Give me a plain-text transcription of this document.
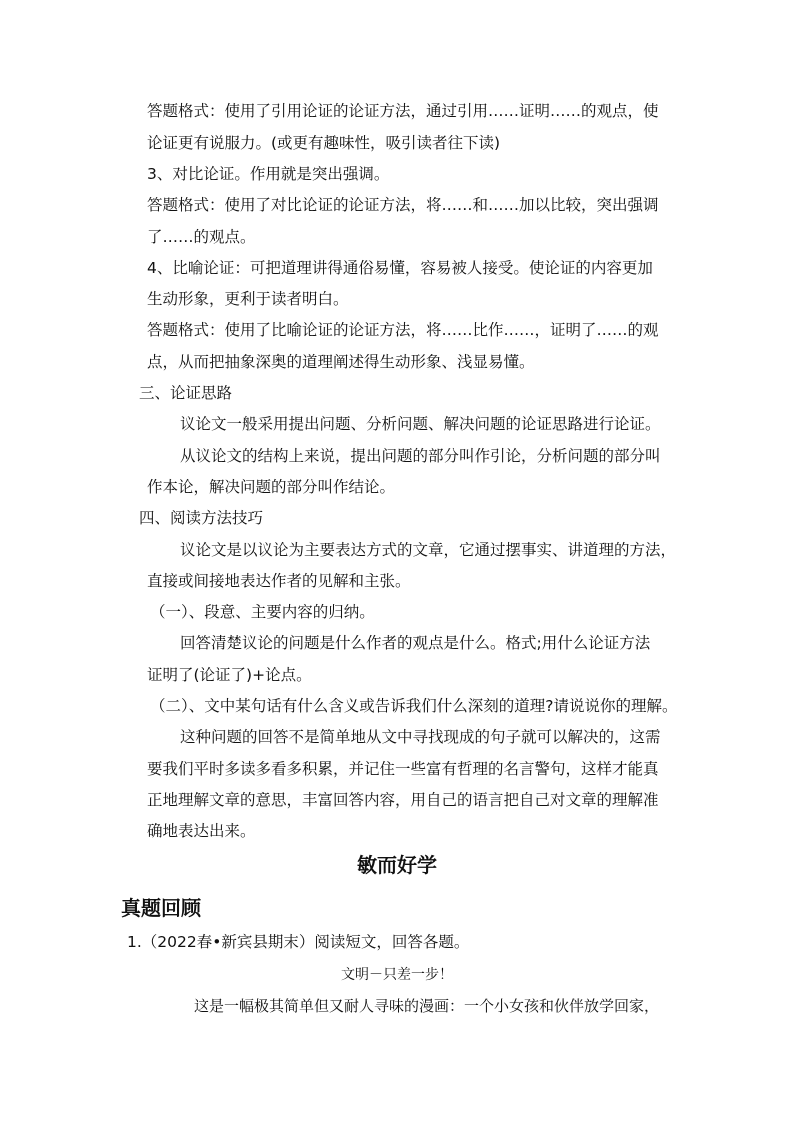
答题格式：使用了引用论证的论证方法，通过引用……证明……的观点，使
论证更有说服力。(或更有趣味性，吸引读者往下读)
3、对比论证。作用就是突出强调。
答题格式：使用了对比论证的论证方法，将……和……加以比较，突出强调
了……的观点。
4、比喻论证：可把道理讲得通俗易懂，容易被人接受。使论证的内容更加
生动形象，更利于读者明白。
答题格式：使用了比喻论证的论证方法，将……比作……，证明了……的观
点，从而把抽象深奥的道理阐述得生动形象、浅显易懂。
三、论证思路
议论文一般采用提出问题、分析问题、解决问题的论证思路进行论证。
从议论文的结构上来说，提出问题的部分叫作引论，分析问题的部分叫
作本论，解决问题的部分叫作结论。
四、阅读方法技巧
议论文是以议论为主要表达方式的文章，它通过摆事实、讲道理的方法，
直接或间接地表达作者的见解和主张。
（一）、段意、主要内容的归纳。
回答清楚议论的问题是什么作者的观点是什么。格式;用什么论证方法
证明了(论证了)+论点。
（二）、文中某句话有什么含义或告诉我们什么深刻的道理?请说说你的理解。
这种问题的回答不是简单地从文中寻找现成的句子就可以解决的，这需
要我们平时多读多看多积累，并记住一些富有哲理的名言警句，这样才能真
正地理解文章的意思，丰富回答内容，用自己的语言把自己对文章的理解准
确地表达出来。
敏而好学
真题回顾
1.（2022春•新宾县期末）阅读短文，回答各题。
文明－只差一步！
这是一幅极其简单但又耐人寻味的漫画：一个小女孩和伙伴放学回家，
